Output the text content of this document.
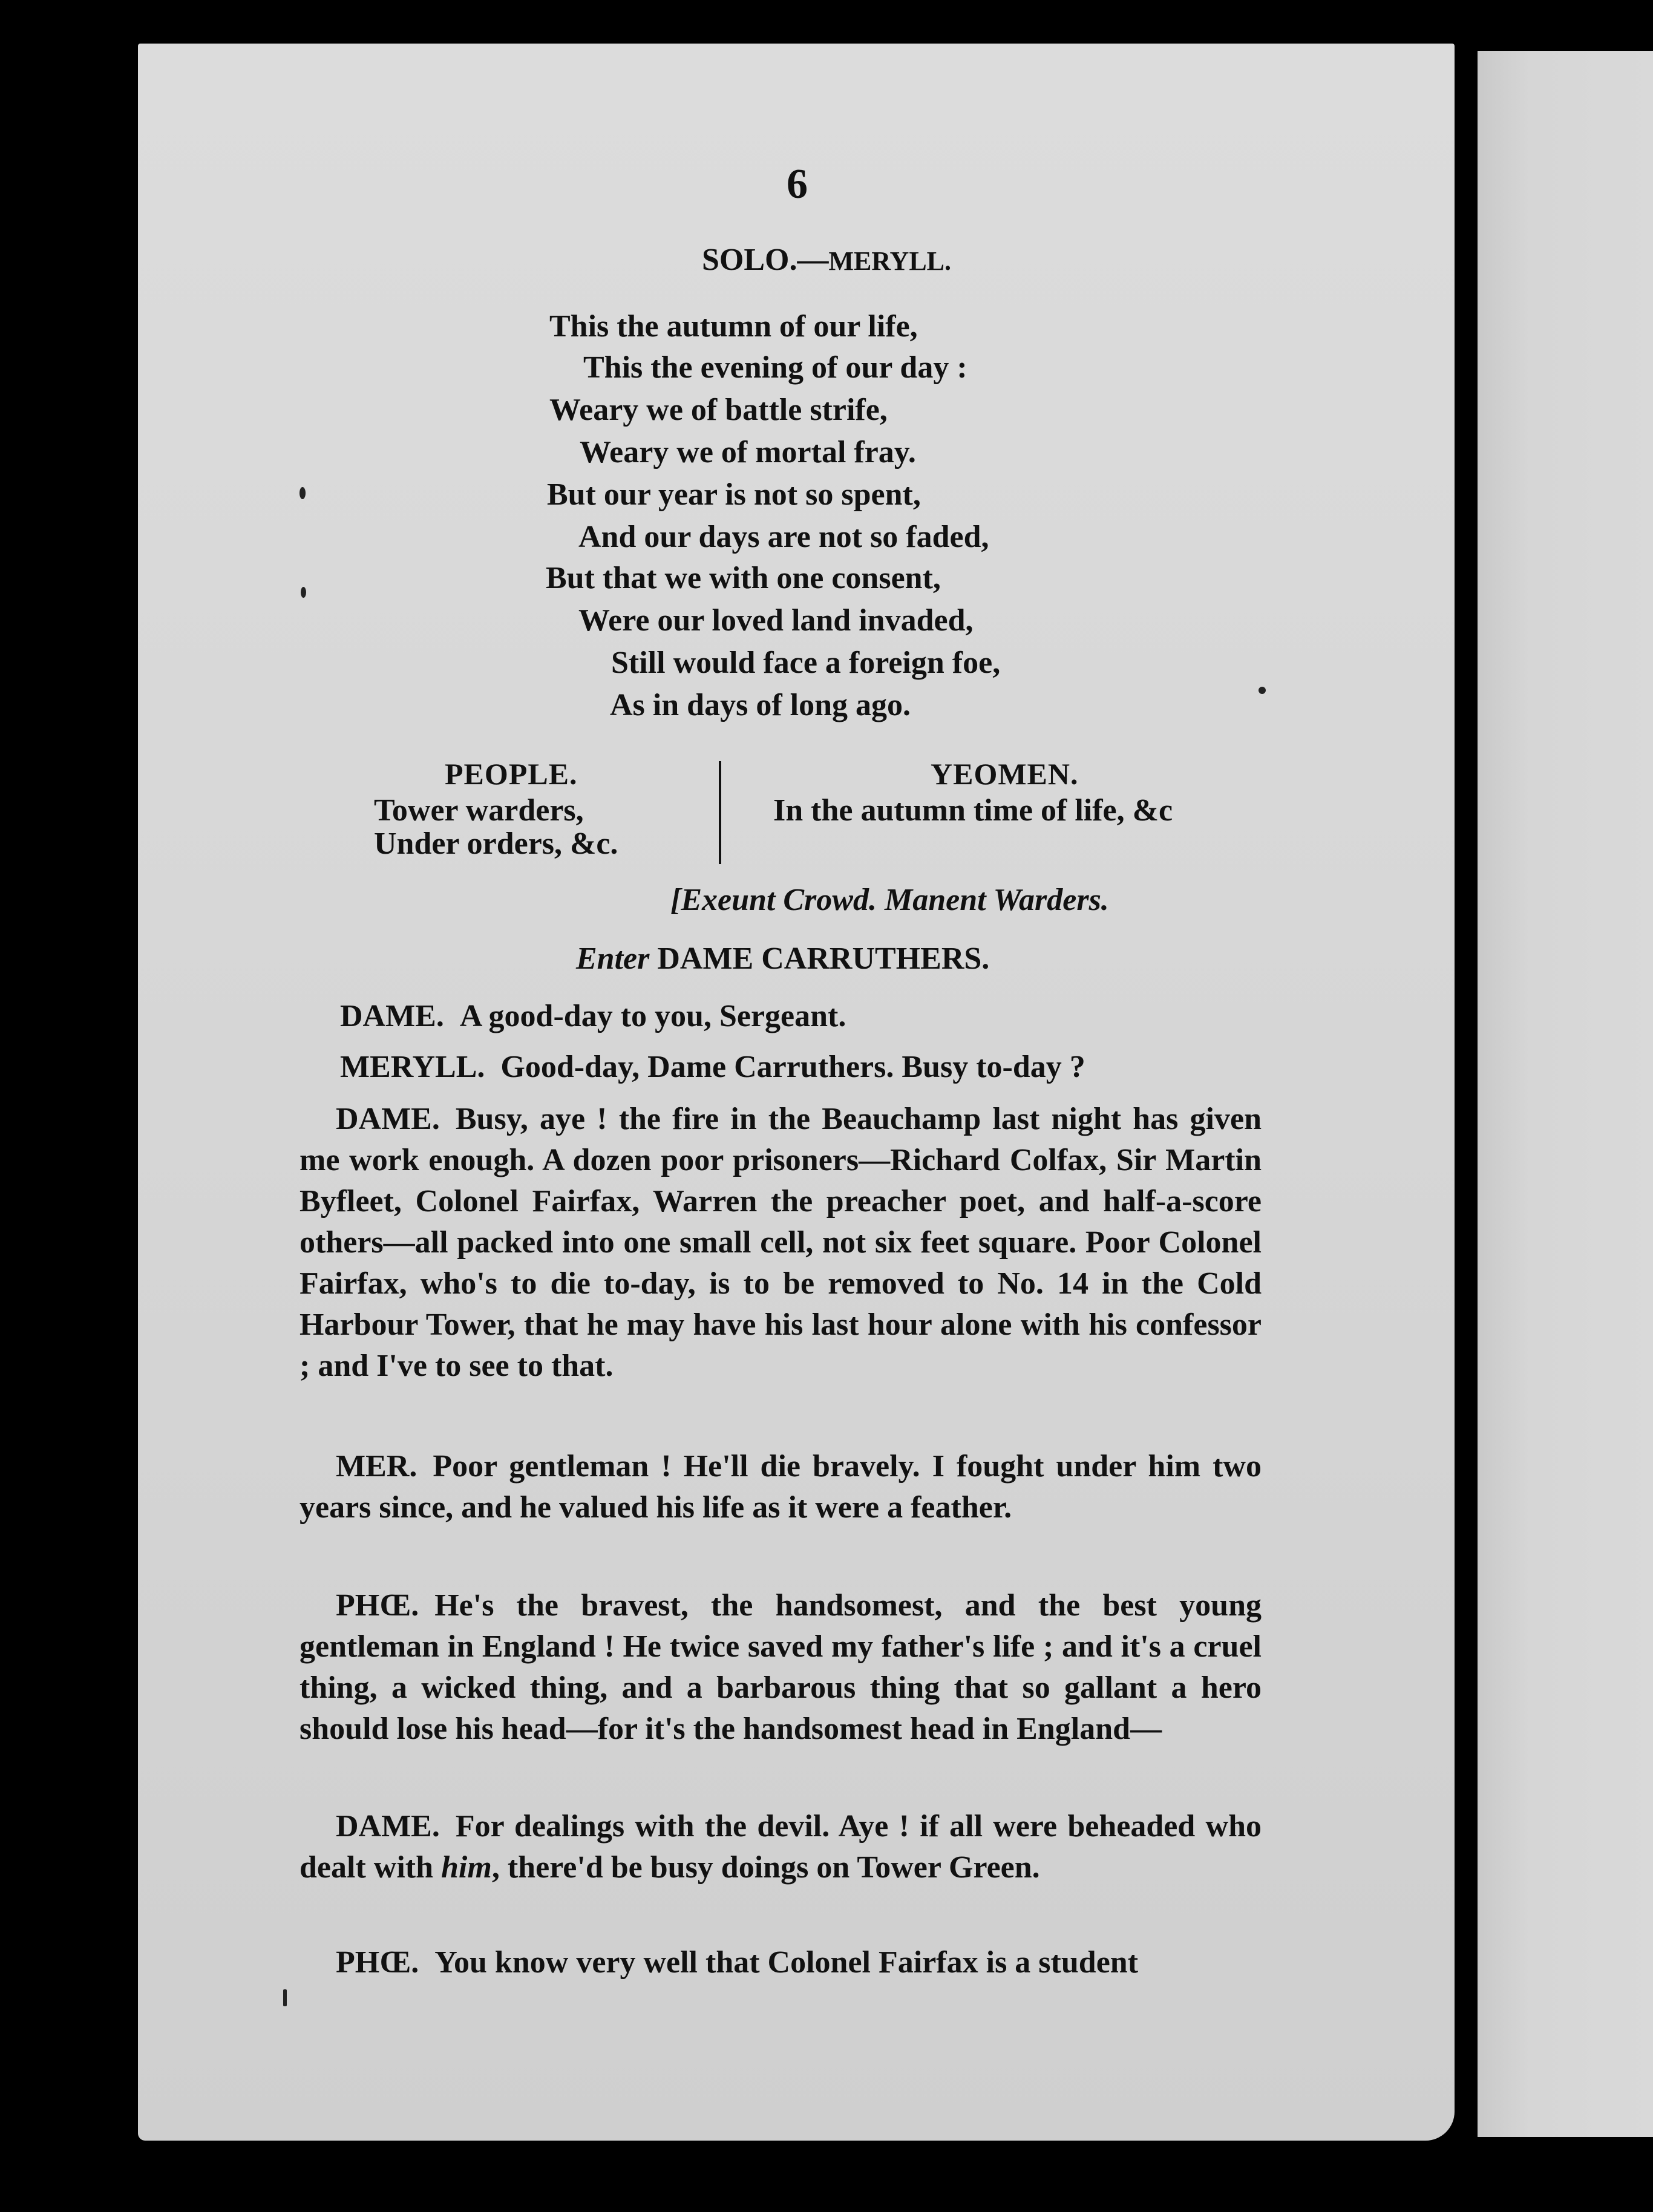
6
SOLO.—MERYLL.
This the autumn of our life,
This the evening of our day :
Weary we of battle strife,
Weary we of mortal fray.
But our year is not so spent,
And our days are not so faded,
But that we with one consent,
Were our loved land invaded,
Still would face a foreign foe,
As in days of long ago.
PEOPLE.
Tower warders,
Under orders, &c.
YEOMEN.
In the autumn time of life, &c
[Exeunt Crowd. Manent Warders.
Enter DAME CARRUTHERS.
DAME. A good-day to you, Sergeant.
MERYLL. Good-day, Dame Carruthers. Busy to-day ?
DAME. Busy, aye ! the fire in the Beauchamp last night has given me work enough. A dozen poor prisoners—Richard Colfax, Sir Martin Byfleet, Colonel Fairfax, Warren the preacher poet, and half-a-score others—all packed into one small cell, not six feet square. Poor Colonel Fairfax, who's to die to-day, is to be removed to No. 14 in the Cold Harbour Tower, that he may have his last hour alone with his confessor ; and I've to see to that.
MER. Poor gentleman ! He'll die bravely. I fought under him two years since, and he valued his life as it were a feather.
PHŒ. He's the bravest, the handsomest, and the best young gentleman in England ! He twice saved my father's life ; and it's a cruel thing, a wicked thing, and a barbarous thing that so gallant a hero should lose his head—for it's the handsomest head in England—
DAME. For dealings with the devil. Aye ! if all were beheaded who dealt with him, there'd be busy doings on Tower Green.
PHŒ. You know very well that Colonel Fairfax is a student
